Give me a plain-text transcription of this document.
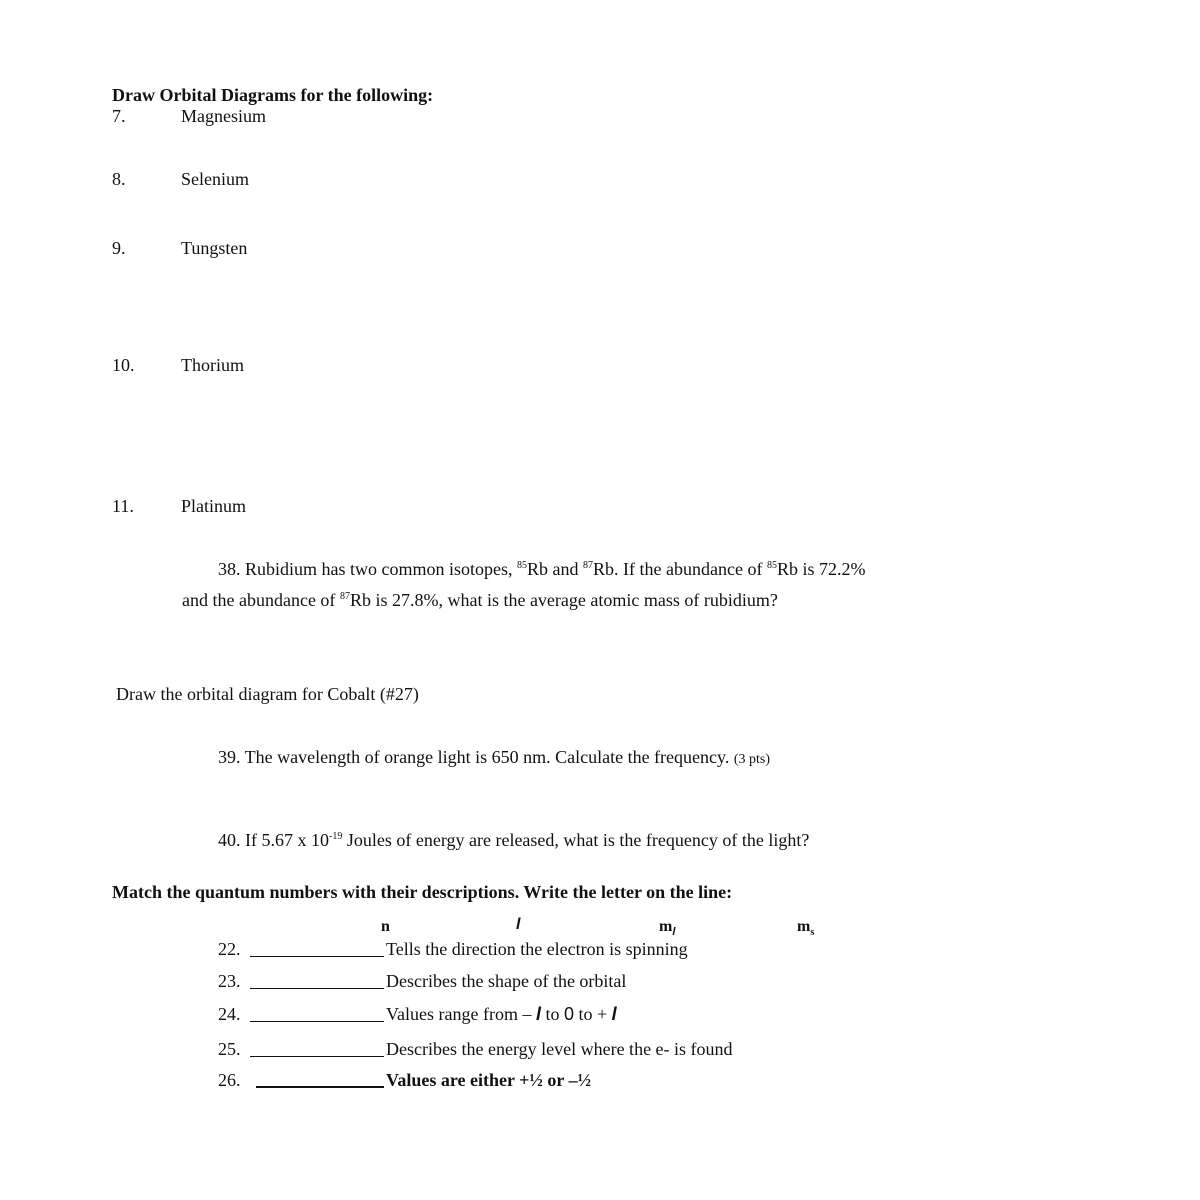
Draw Orbital Diagrams for the following:
7.	Magnesium
8.	Selenium
9.	Tungsten
10.	Thorium
11.	Platinum
38. Rubidium has two common isotopes, $^{85}$Rb and $^{87}$Rb. If the abundance of $^{85}$Rb is 72.2%
and the abundance of $^{87}$Rb is 27.8%, what is the average atomic mass of rubidium?
Draw the orbital diagram for Cobalt (#27)
39. The wavelength of orange light is 650 nm. Calculate the frequency. (3 pts)
40. If 5.67 x $10^{-19}$ Joules of energy are released, what is the frequency of the light?
Match the quantum numbers with their descriptions. Write the letter on the line:
n	l	$m_l$	$m_s$
22.	Tells the direction the electron is spinning
23.	Describes the shape of the orbital
24.	Values range from – l to 0 to + l
25.	Describes the energy level where the e- is found
26.	Values are either +½ or –½
